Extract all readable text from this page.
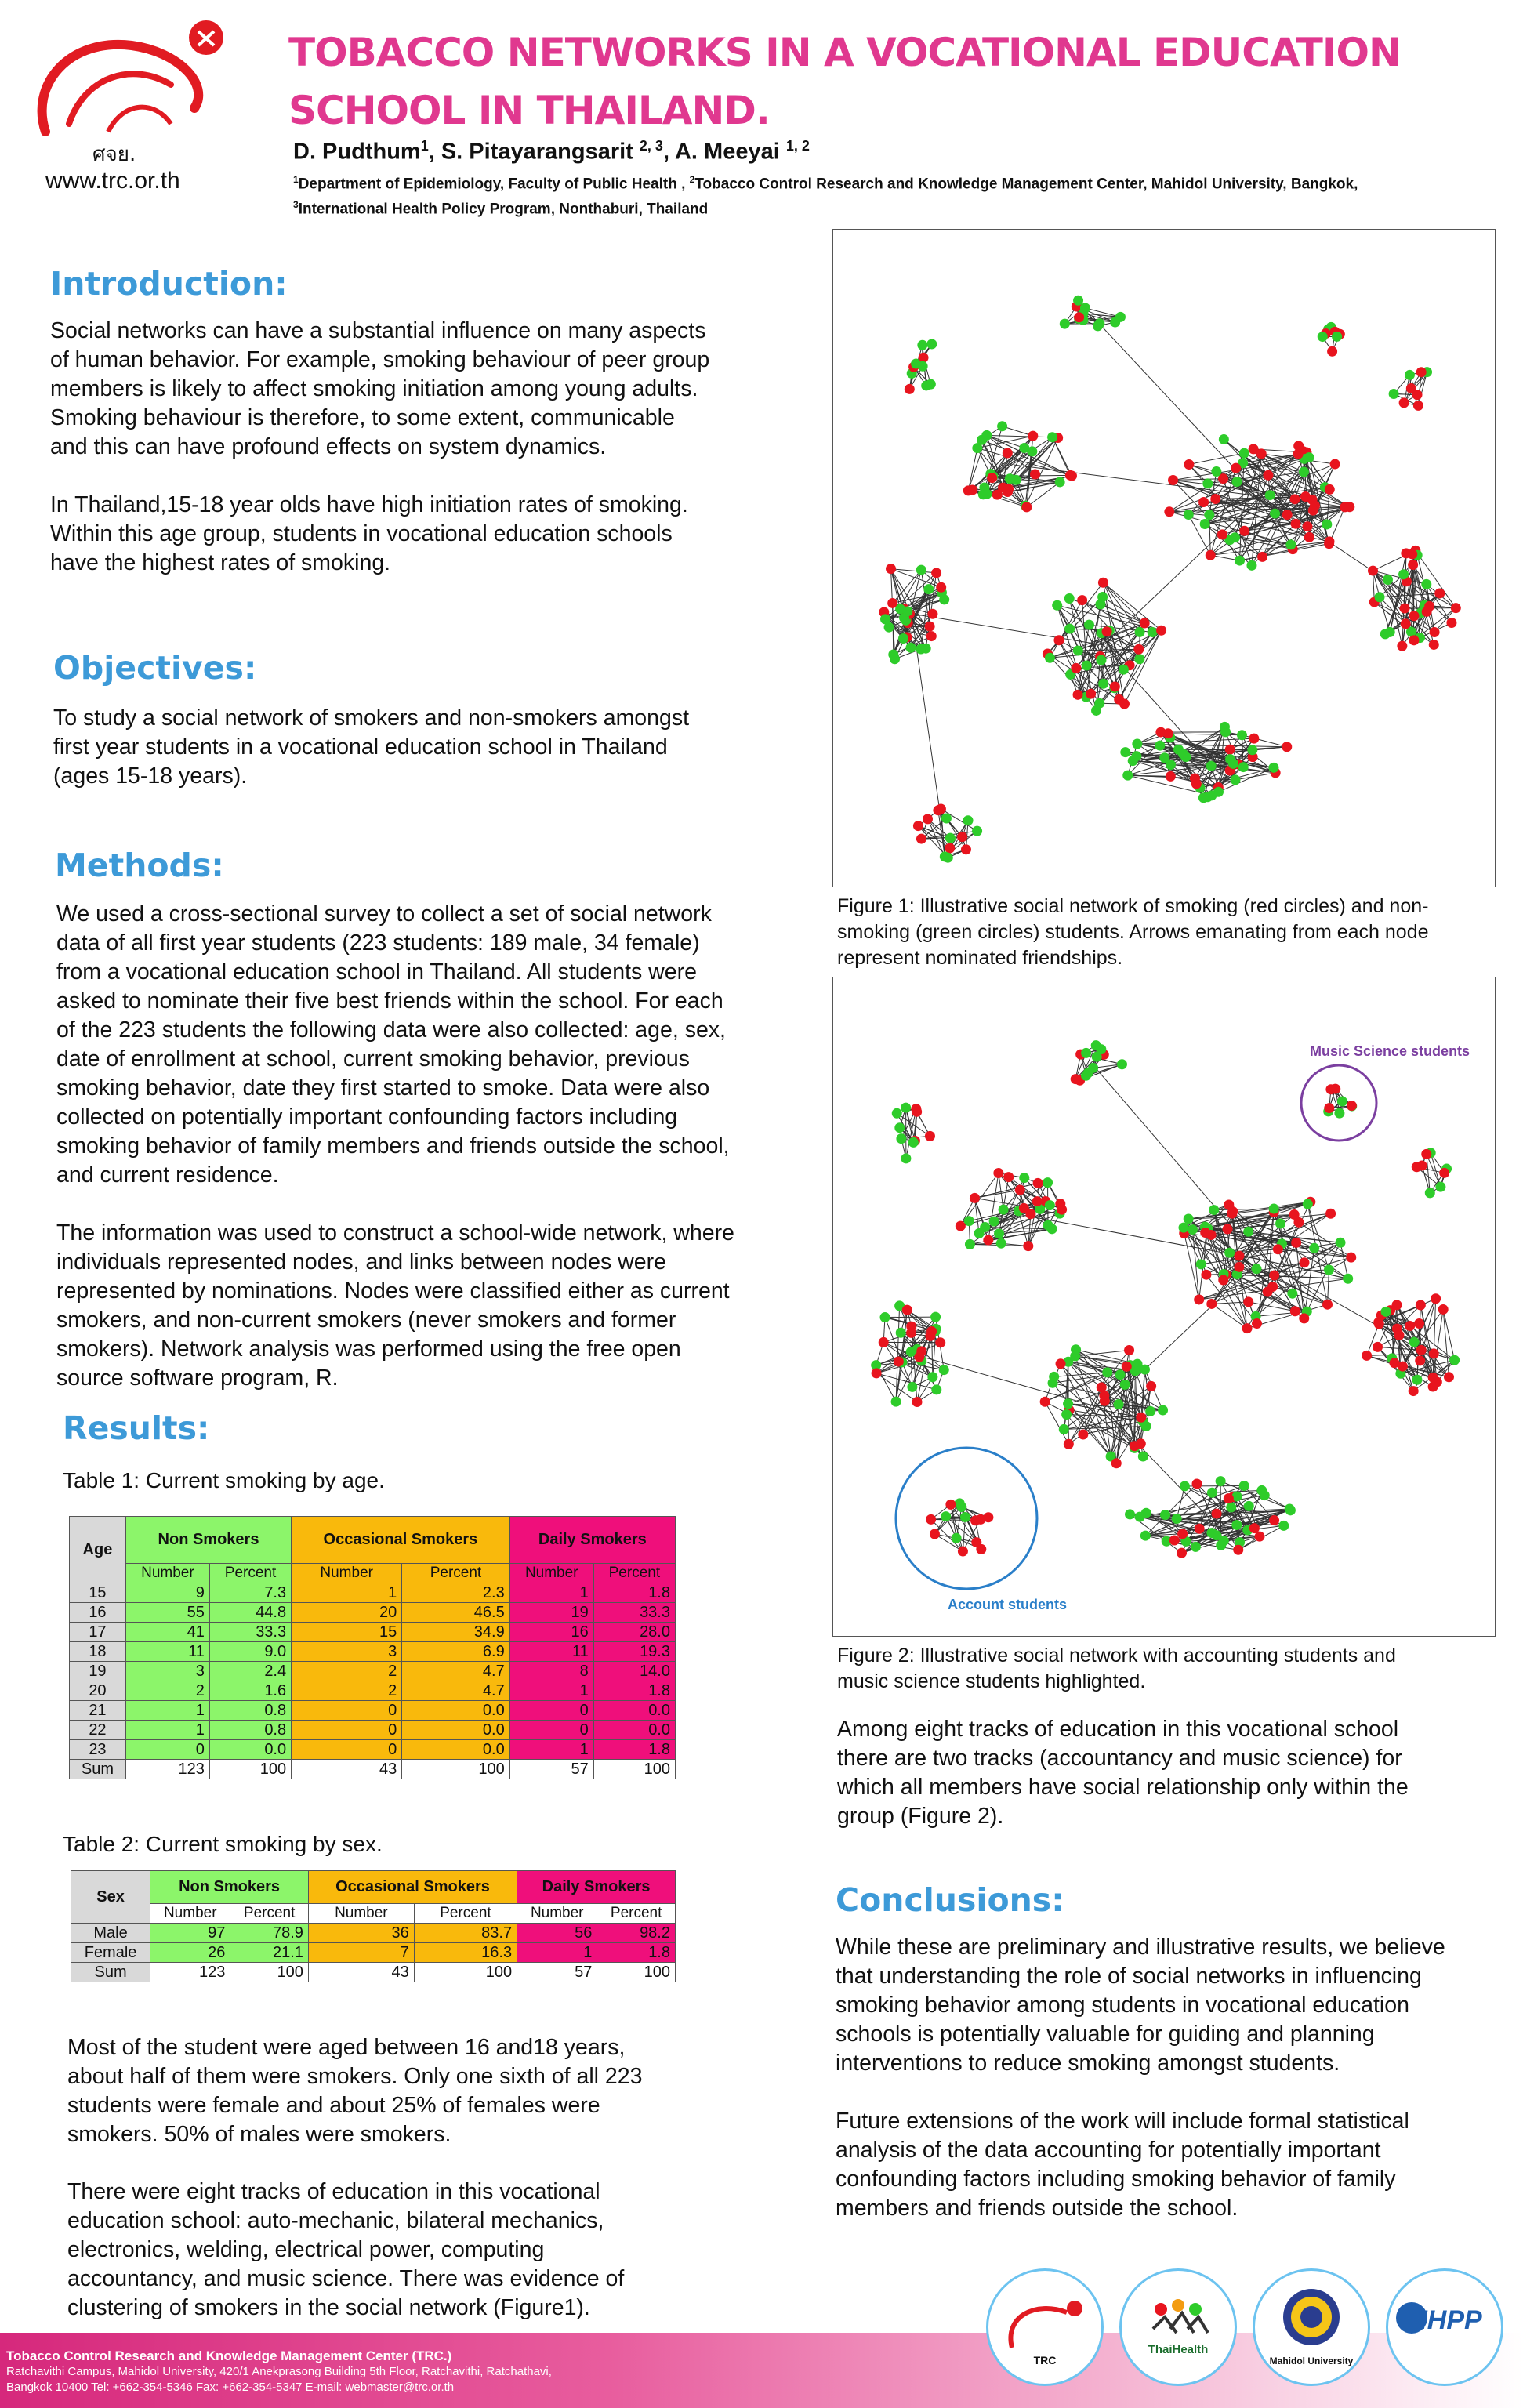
ศจย.
www.trc.or.th
TOBACCO NETWORKS IN A VOCATIONAL EDUCATION
SCHOOL IN THAILAND.
D. Pudthum$^1$, S. Pitayarangsarit $^{2, 3}$, A. Meeyai $^{1, 2}$
$^1$Department of Epidemiology, Faculty of Public Health , $^2$Tobacco Control Research and Knowledge Management Center, Mahidol University, Bangkok,
$^3$International Health Policy Program, Nonthaburi, Thailand
Introduction:
Social networks can have a substantial influence on many aspects
of human behavior. For example, smoking behaviour of peer group
members is likely to affect smoking initiation among young adults.
Smoking behaviour is therefore, to some extent, communicable
and this can have profound effects on system dynamics.

In Thailand,15-18 year olds have high initiation rates of smoking.
Within this age group, students in vocational education schools
have the highest rates of smoking.
Objectives:
To study a social network of smokers and non-smokers amongst
first year students in a vocational education school in Thailand
(ages 15-18 years).
Methods:
We used a cross-sectional survey to collect a set of social network
data of all first year students (223 students: 189 male, 34 female)
from a vocational education school in Thailand. All students were
asked to nominate their five best friends within the school. For each
of the 223 students the following data were also collected: age, sex,
date of enrollment at school, current smoking behavior, previous
smoking behavior, date they first started to smoke. Data were also
collected on potentially important confounding factors including
smoking behavior of family members and friends outside the school,
and current residence.

The information was used to construct a school-wide network, where
individuals represented nodes, and links between nodes were
represented by nominations. Nodes were classified either as current
smokers, and non-current smokers (never smokers and former
smokers). Network analysis was performed using the free open
source software program, R.
Results:
Table 1: Current smoking by age.
Age	Non Smokers		Occasional Smokers		Daily Smokers	
	Number	Percent	Number	Percent	Number	Percent
15	9	7.3	1	2.3	1	1.8
16	55	44.8	20	46.5	19	33.3
17	41	33.3	15	34.9	16	28.0
18	11	9.0	3	6.9	11	19.3
19	3	2.4	2	4.7	8	14.0
20	2	1.6	2	4.7	1	1.8
21	1	0.8	0	0.0	0	0.0
22	1	0.8	0	0.0	0	0.0
23	0	0.0	0	0.0	1	1.8
Sum	123	100	43	100	57	100
Table 2: Current smoking by sex.
Sex	Non Smokers		Occasional Smokers		Daily Smokers	
	Number	Percent	Number	Percent	Number	Percent
Male	97	78.9	36	83.7	56	98.2
Female	26	21.1	7	16.3	1	1.8
Sum	123	100	43	100	57	100
Most of the student were aged between 16 and18 years,
about half of them were smokers. Only one sixth of all 223
students were female and about 25% of females were
smokers. 50% of males were smokers.
There were eight tracks of education in this vocational
education school: auto-mechanic, bilateral mechanics,
electronics, welding, electrical power, computing
accountancy, and music science. There was evidence of
clustering of smokers in the social network (Figure1).
Figure 1: Illustrative social network of smoking (red circles) and non-
smoking (green circles) students. Arrows emanating from each node
represent nominated friendships.
Music Science students
Account students
Figure 2: Illustrative social network with accounting students and
music science students highlighted.
Among eight tracks of education in this vocational school
there are two tracks (accountancy and music science) for
which all members have social relationship only within the
group (Figure 2).
Conclusions:
While these are preliminary and illustrative results, we believe
that understanding the role of social networks in influencing
smoking behavior among students in vocational education
schools is potentially valuable for guiding and planning
interventions to reduce smoking amongst students.

Future extensions of the work will include formal statistical
analysis of the data accounting for potentially important
confounding factors including smoking behavior of family
members and friends outside the school.
Tobacco Control Research and Knowledge Management Center (TRC.)
Ratchavithi Campus, Mahidol University, 420/1 Anekprasong Building 5th Floor, Ratchavithi, Ratchathavi,
Bangkok 10400 Tel: +662-354-5346 Fax: +662-354-5347 E-mail: webmaster@trc.or.th
TRC
ThaiHealth
Mahidol University
IHPP
